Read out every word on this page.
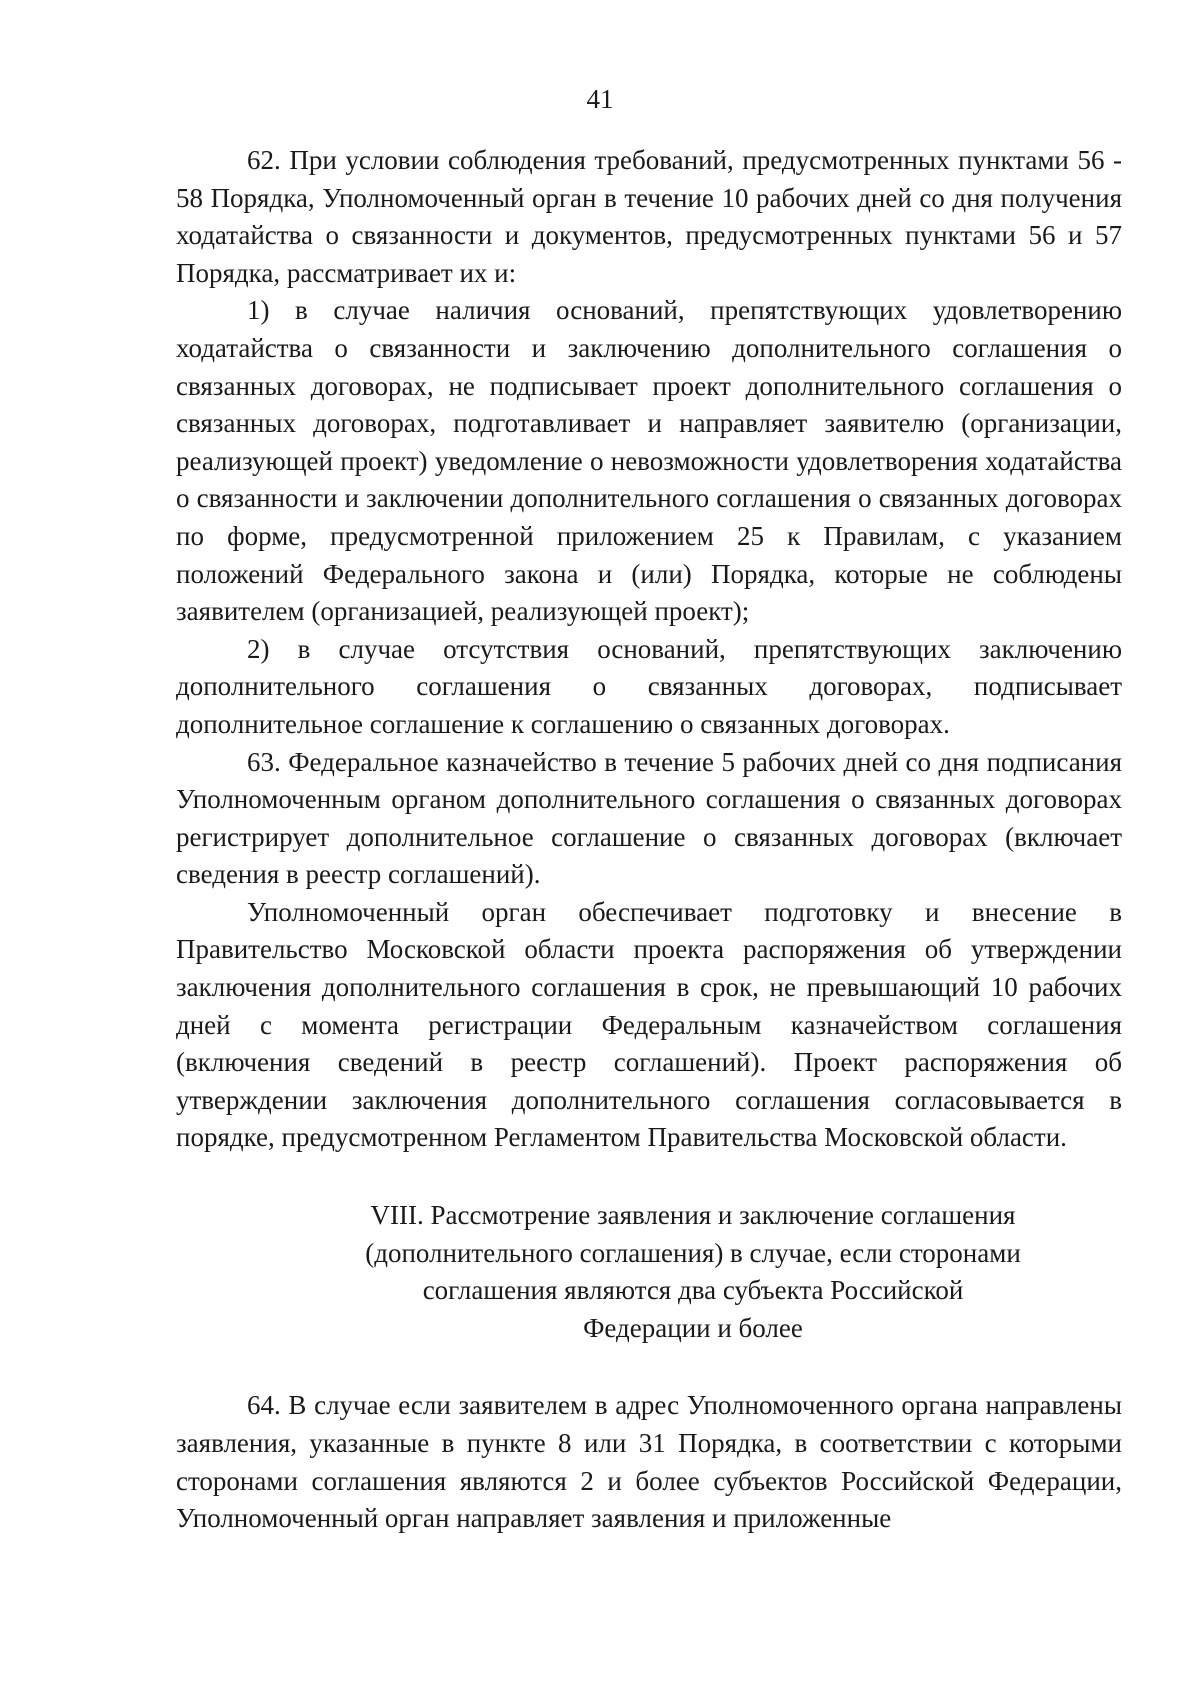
41

62. При условии соблюдения требований, предусмотренных пунктами 56 - 58 Порядка, Уполномоченный орган в течение 10 рабочих дней со дня получения ходатайства о связанности и документов, предусмотренных пунктами 56 и 57 Порядка, рассматривает их и:

1) в случае наличия оснований, препятствующих удовлетворению ходатайства о связанности и заключению дополнительного соглашения о связанных договорах, не подписывает проект дополнительного соглашения о связанных договорах, подготавливает и направляет заявителю (организации, реализующей проект) уведомление о невозможности удовлетворения ходатайства о связанности и заключении дополнительного соглашения о связанных договорах по форме, предусмотренной приложением 25 к Правилам, с указанием положений Федерального закона и (или) Порядка, которые не соблюдены заявителем (организацией, реализующей проект);

2) в случае отсутствия оснований, препятствующих заключению дополнительного соглашения о связанных договорах, подписывает дополнительное соглашение к соглашению о связанных договорах.

63. Федеральное казначейство в течение 5 рабочих дней со дня подписания Уполномоченным органом дополнительного соглашения о связанных договорах регистрирует дополнительное соглашение о связанных договорах (включает сведения в реестр соглашений).

Уполномоченный орган обеспечивает подготовку и внесение в Правительство Московской области проекта распоряжения об утверждении заключения дополнительного соглашения в срок, не превышающий 10 рабочих дней с момента регистрации Федеральным казначейством соглашения (включения сведений в реестр соглашений). Проект распоряжения об утверждении заключения дополнительного соглашения согласовывается в порядке, предусмотренном Регламентом Правительства Московской области.

VIII. Рассмотрение заявления и заключение соглашения
(дополнительного соглашения) в случае, если сторонами
соглашения являются два субъекта Российской
Федерации и более

64. В случае если заявителем в адрес Уполномоченного органа направлены заявления, указанные в пункте 8 или 31 Порядка, в соответствии с которыми сторонами соглашения являются 2 и более субъектов Российской Федерации, Уполномоченный орган направляет заявления и приложенные
